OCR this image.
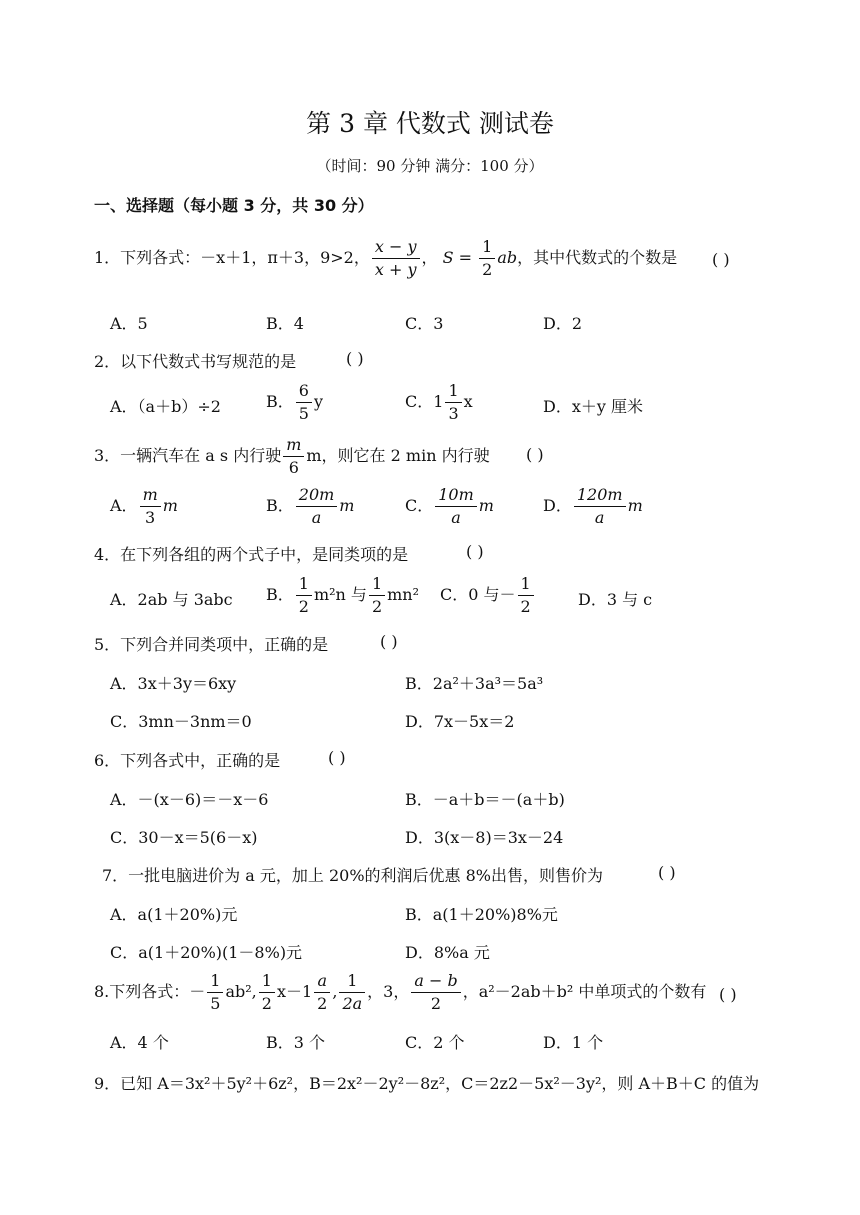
第 3 章 代数式 测试卷
（时间：90 分钟 满分：100 分）
一、选择题（每小题 3 分，共 30 分）
1．下列各式：－x＋1，π＋3，9>2， $\frac{x - y}{x + y}$ ， $S = \frac{1}{2}$ ab，其中代数式的个数是 ( )
A．5	B．4	C．3	D．2
2．以下代数式书写规范的是	( )
A．（a＋b）÷2	B． $\frac{6}{5}$ y	C．$1 \frac{1}{3}$ x	D．x＋y 厘米
3．一辆汽车在 a s 内行驶 $\frac{m}{6}$ m，则它在 2 min 内行驶 ( )
A． $\frac{m}{3}$ m	B． $\frac{20m}{a}$ m	C． $\frac{10m}{a}$ m	D． $\frac{120m}{a}$ m
4．在下列各组的两个式子中，是同类项的是	( )
A．2ab 与 3abc B． $\frac{1}{2} m^2n$ 与 $\frac{1}{2} mn^2$ C．0 与－ $\frac{1}{2}$	D．3 与 c
5．下列合并同类项中，正确的是	( )
A．3x＋3y＝6xy	B．2a²＋3a³＝5a³
C．3mn－3nm＝0	D．7x－5x＝2
6．下列各式中，正确的是	( )
A．－(x－6)＝－x－6	B．－a＋b＝－(a＋b)
C．30－x＝5(6－x)	D．3(x－8)＝3x－24
7．一批电脑进价为 a 元，加上 20%的利润后优惠 8%出售，则售价为	( )
A．a(1＋20%)元	B．a(1＋20%)8%元
C．a(1＋20%)(1－8%)元	D．8%a 元
8.下列各式：－ $\frac{1}{5} ab^2$, $\frac{1}{2} x-1 \frac{a}{2}$ , $\frac{1}{2a}$ ，3， $\frac{a - b}{2}$ ，a²－2ab＋b² 中单项式的个数有 ( )
A．4 个	B．3 个	C．2 个	D．1 个
9．已知 A＝3x²＋5y²＋6z²，B＝2x²－2y²－8z²，C＝2z2－5x²－3y²，则 A＋B＋C 的值为
